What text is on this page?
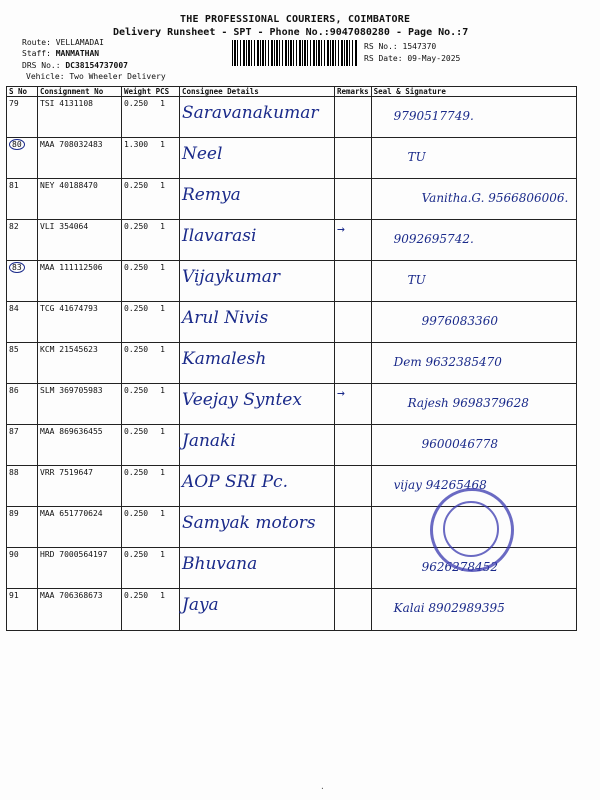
THE PROFESSIONAL COURIERS, COIMBATORE
Delivery Runsheet - SPT - Phone No.:9047080280 - Page No.:7
Route: VELLAMADAI
Staff: MANMATHAN
DRS No.: DC38154737007
Vehicle: Two Wheeler Delivery
RS No.: 1547370
RS Date: 09-May-2025
S No	Consignment No	Weight PCS	Consignee Details	Remarks	Seal & Signature
79	TSI 4131108	0.250 1	Saravanakumar		9790517749.
80	MAA 708032483	1.300 1	Neel		TU
81	NEY 40188470	0.250 1	Remya		Vanitha.G. 9566806006.
82	VLI 354064	0.250 1	Ilavarasi	→	9092695742.
83	MAA 111112506	0.250 1	Vijaykumar		TU
84	TCG 41674793	0.250 1	Arul Nivis		9976083360
85	KCM 21545623	0.250 1	Kamalesh		Dem 9632385470
86	SLM 369705983	0.250 1	Veejay Syntex	→	Rajesh 9698379628
87	MAA 869636455	0.250 1	Janaki		9600046778
88	VRR 7519647	0.250 1	AOP SRI Pc.		vijay 94265468
89	MAA 651770624	0.250 1	Samyak motors		
90	HRD 7000564197	0.250 1	Bhuvana		9626278452
91	MAA 706368673	0.250 1	Jaya		Kalai 8902989395
·
